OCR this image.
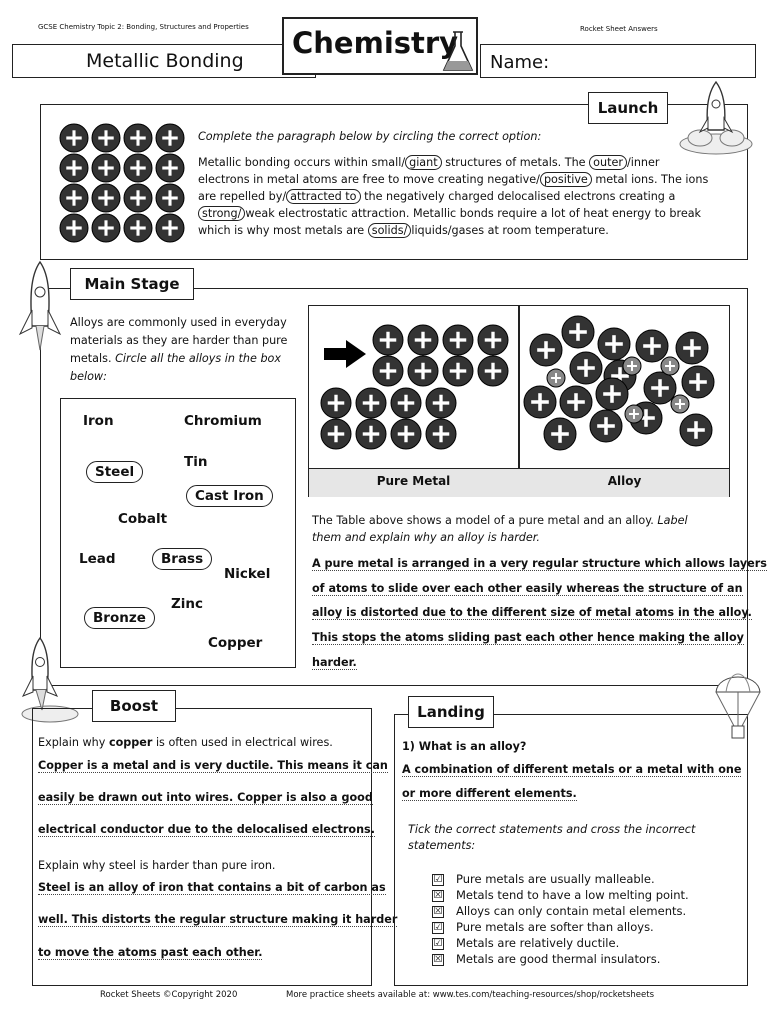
GCSE Chemistry Topic 2: Bonding, Structures and Properties	Rocket Sheet Answers
Metallic Bonding	Name:
Chemistry
Launch
Complete the paragraph below by circling the correct option:
Metallic bonding occurs within small/ giant structures of metals. The outer /inner
electrons in metal atoms are free to move creating negative/ positive metal ions. The ions
are repelled by/ attracted to the negatively charged delocalised electrons creating a
strong/ weak electrostatic attraction. Metallic bonds require a lot of heat energy to break
which is why most metals are solids/ liquids/gases at room temperature.
Main Stage
Alloys are commonly used in everyday
materials as they are harder than pure
metals. Circle all the alloys in the box
below:
Iron	Chromium
Steel
Tin
Cast Iron
Cobalt
Lead	Brass
Nickel
Zinc
Bronze
Copper
Pure Metal	Alloy
The Table above shows a model of a pure metal and an alloy. Label
them and explain why an alloy is harder.
A pure metal is arranged in a very regular structure which allows layers
of atoms to slide over each other easily whereas the structure of an
alloy is distorted due to the different size of metal atoms in the alloy.
This stops the atoms sliding past each other hence making the alloy
harder.
Boost
Explain why copper is often used in electrical wires.
Copper is a metal and is very ductile. This means it can
easily be drawn out into wires. Copper is also a good
electrical conductor due to the delocalised electrons.
Explain why steel is harder than pure iron.
Steel is an alloy of iron that contains a bit of carbon as
well. This distorts the regular structure making it harder
to move the atoms past each other.
Landing
1) What is an alloy?
A combination of different metals or a metal with one
or more different elements.
Tick the correct statements and cross the incorrect
statements:
☑ Pure metals are usually malleable.
☒ Metals tend to have a low melting point.
☒ Alloys can only contain metal elements.
☑ Pure metals are softer than alloys.
☑ Metals are relatively ductile.
☒ Metals are good thermal insulators.
Rocket Sheets ©Copyright 2020	More practice sheets available at: www.tes.com/teaching-resources/shop/rocketsheets
